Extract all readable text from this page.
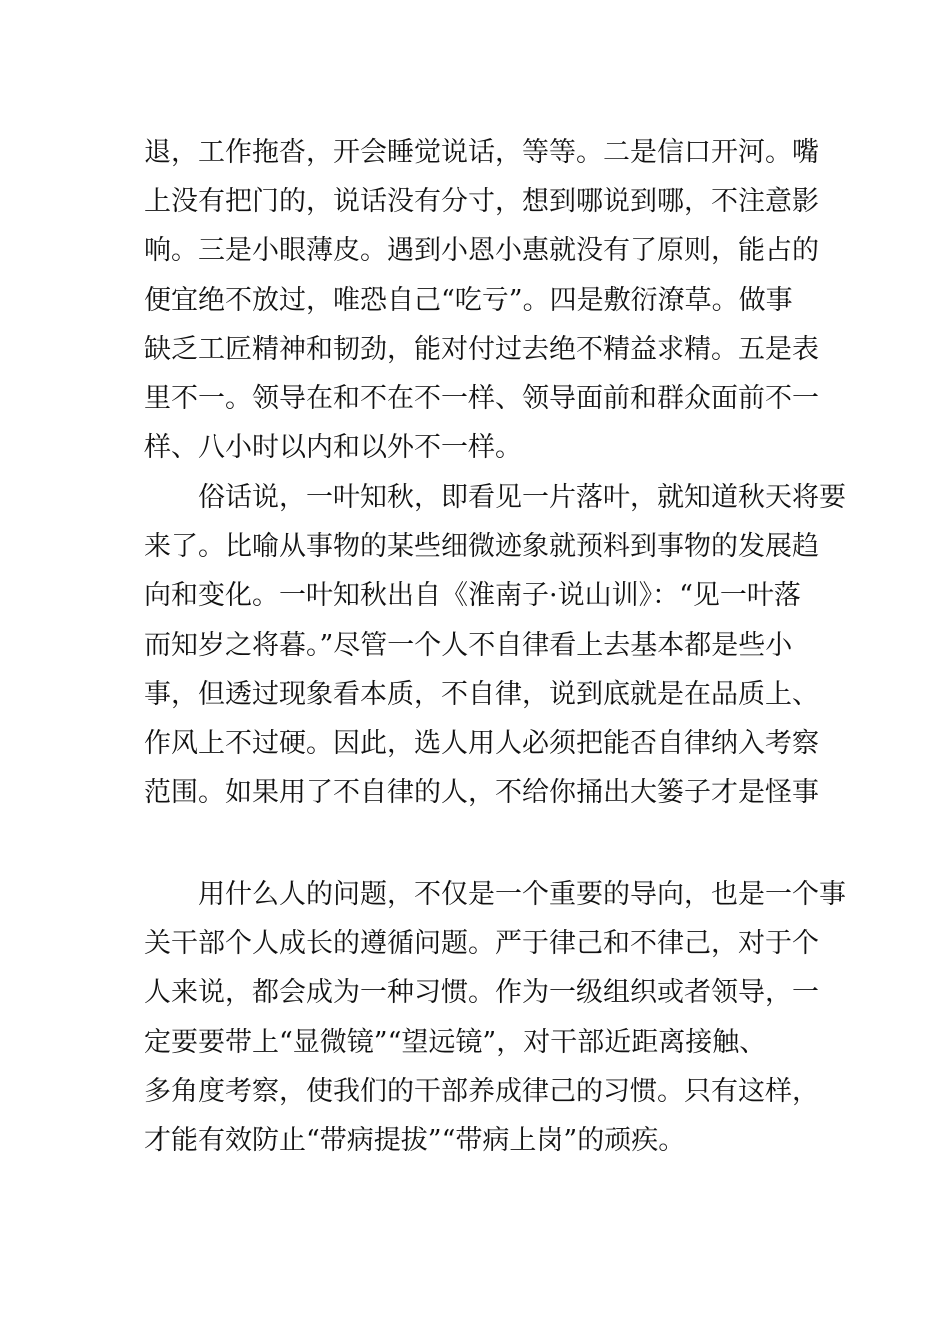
退，工作拖沓，开会睡觉说话，等等。二是信口开河。嘴
上没有把门的，说话没有分寸，想到哪说到哪，不注意影
响。三是小眼薄皮。遇到小恩小惠就没有了原则，能占的
便宜绝不放过，唯恐自己“吃亏”。四是敷衍潦草。做事
缺乏工匠精神和韧劲，能对付过去绝不精益求精。五是表
里不一。领导在和不在不一样、领导面前和群众面前不一
样、八小时以内和以外不一样。
　　俗话说，一叶知秋，即看见一片落叶，就知道秋天将要
来了。比喻从事物的某些细微迹象就预料到事物的发展趋
向和变化。一叶知秋出自《淮南子·说山训》：“见一叶落
而知岁之将暮。”尽管一个人不自律看上去基本都是些小
事，但透过现象看本质，不自律，说到底就是在品质上、
作风上不过硬。因此，选人用人必须把能否自律纳入考察
范围。如果用了不自律的人，不给你捅出大篓子才是怪事
　　用什么人的问题，不仅是一个重要的导向，也是一个事
关干部个人成长的遵循问题。严于律己和不律己，对于个
人来说，都会成为一种习惯。作为一级组织或者领导，一
定要要带上“显微镜”“望远镜”，对干部近距离接触、
多角度考察，使我们的干部养成律己的习惯。只有这样，
才能有效防止“带病提拔”“带病上岗”的顽疾。
